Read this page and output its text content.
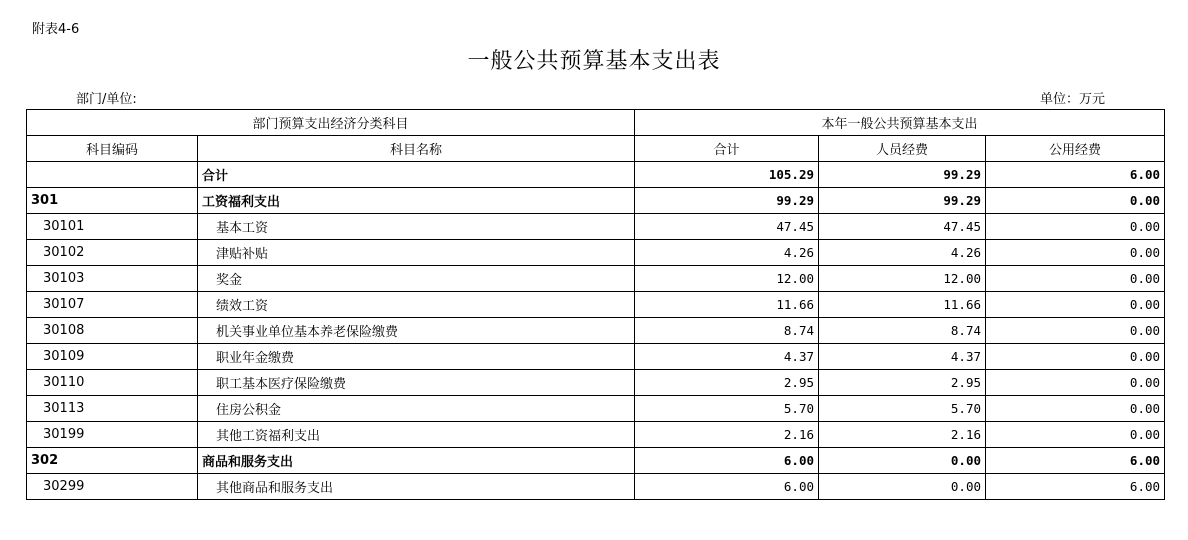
附表4-6
一般公共预算基本支出表
部门/单位:	单位：万元
部门预算支出经济分类科目		本年一般公共预算基本支出		
科目编码	科目名称	合计	人员经费	公用经费
	合计	105.29	99.29	6.00
301	工资福利支出	99.29	99.29	0.00
30101	基本工资	47.45	47.45	0.00
30102	津贴补贴	4.26	4.26	0.00
30103	奖金	12.00	12.00	0.00
30107	绩效工资	11.66	11.66	0.00
30108	机关事业单位基本养老保险缴费	8.74	8.74	0.00
30109	职业年金缴费	4.37	4.37	0.00
30110	职工基本医疗保险缴费	2.95	2.95	0.00
30113	住房公积金	5.70	5.70	0.00
30199	其他工资福利支出	2.16	2.16	0.00
302	商品和服务支出	6.00	0.00	6.00
30299	其他商品和服务支出	6.00	0.00	6.00
